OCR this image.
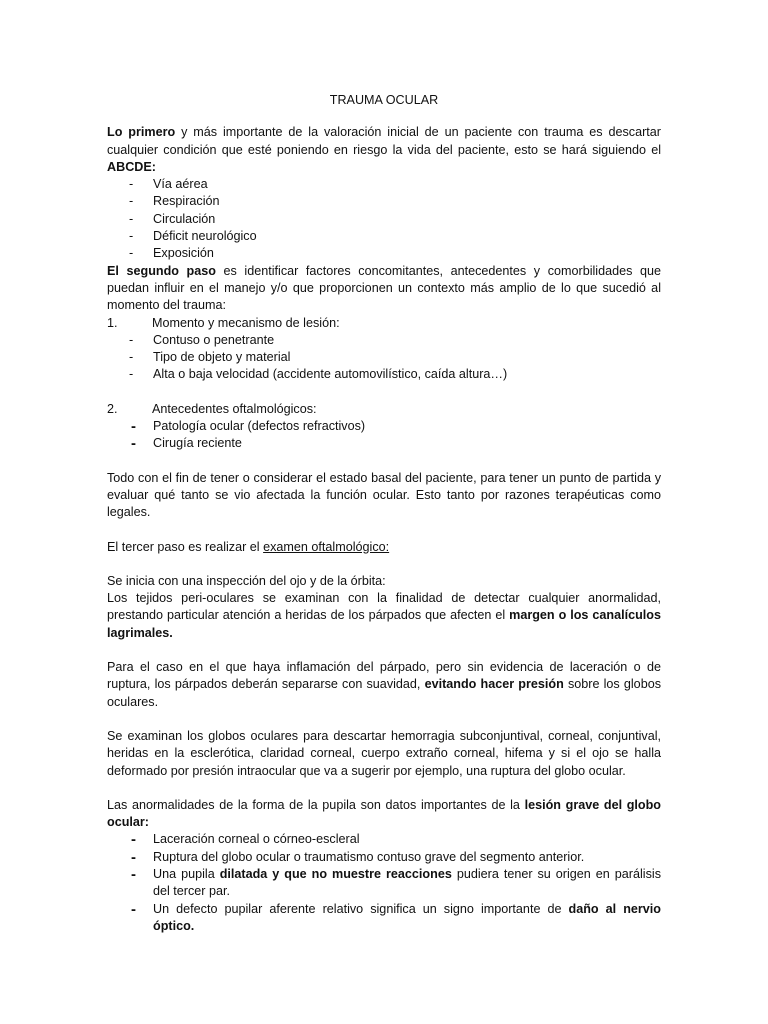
TRAUMA OCULAR

Lo primero y más importante de la valoración inicial de un paciente con trauma es descartar cualquier condición que esté poniendo en riesgo la vida del paciente, esto se hará siguiendo el ABCDE:

- Vía aérea
- Respiración
- Circulación
- Déficit neurológico
- Exposición

El segundo paso es identificar factores concomitantes, antecedentes y comorbilidades que puedan influir en el manejo y/o que proporcionen un contexto más amplio de lo que sucedió al momento del trauma:

1.	Momento y mecanismo de lesión:
- Contuso o penetrante
- Tipo de objeto y material
- Alta o baja velocidad (accidente automovilístico, caída altura…)
2.	Antecedentes oftalmológicos:
- Patología ocular (defectos refractivos)
- Cirugía reciente

Todo con el fin de tener o considerar el estado basal del paciente, para tener un punto de partida y evaluar qué tanto se vio afectada la función ocular. Esto tanto por razones terapéuticas como legales.

El tercer paso es realizar el examen oftalmológico:

Se inicia con una inspección del ojo y de la órbita:

Los tejidos peri-oculares se examinan con la finalidad de detectar cualquier anormalidad, prestando particular atención a heridas de los párpados que afecten el margen o los canalículos lagrimales.

Para el caso en el que haya inflamación del párpado, pero sin evidencia de laceración o de ruptura, los párpados deberán separarse con suavidad, evitando hacer presión sobre los globos oculares.

Se examinan los globos oculares para descartar hemorragia subconjuntival, corneal, conjuntival, heridas en la esclerótica, claridad corneal, cuerpo extraño corneal, hifema y si el ojo se halla deformado por presión intraocular que va a sugerir por ejemplo, una ruptura del globo ocular.

Las anormalidades de la forma de la pupila son datos importantes de la lesión grave del globo ocular:

- Laceración corneal o córneo-escleral
- Ruptura del globo ocular o traumatismo contuso grave del segmento anterior.
- Una pupila dilatada y que no muestre reacciones pudiera tener su origen en parálisis del tercer par.
- Un defecto pupilar aferente relativo significa un signo importante de daño al nervio óptico.
